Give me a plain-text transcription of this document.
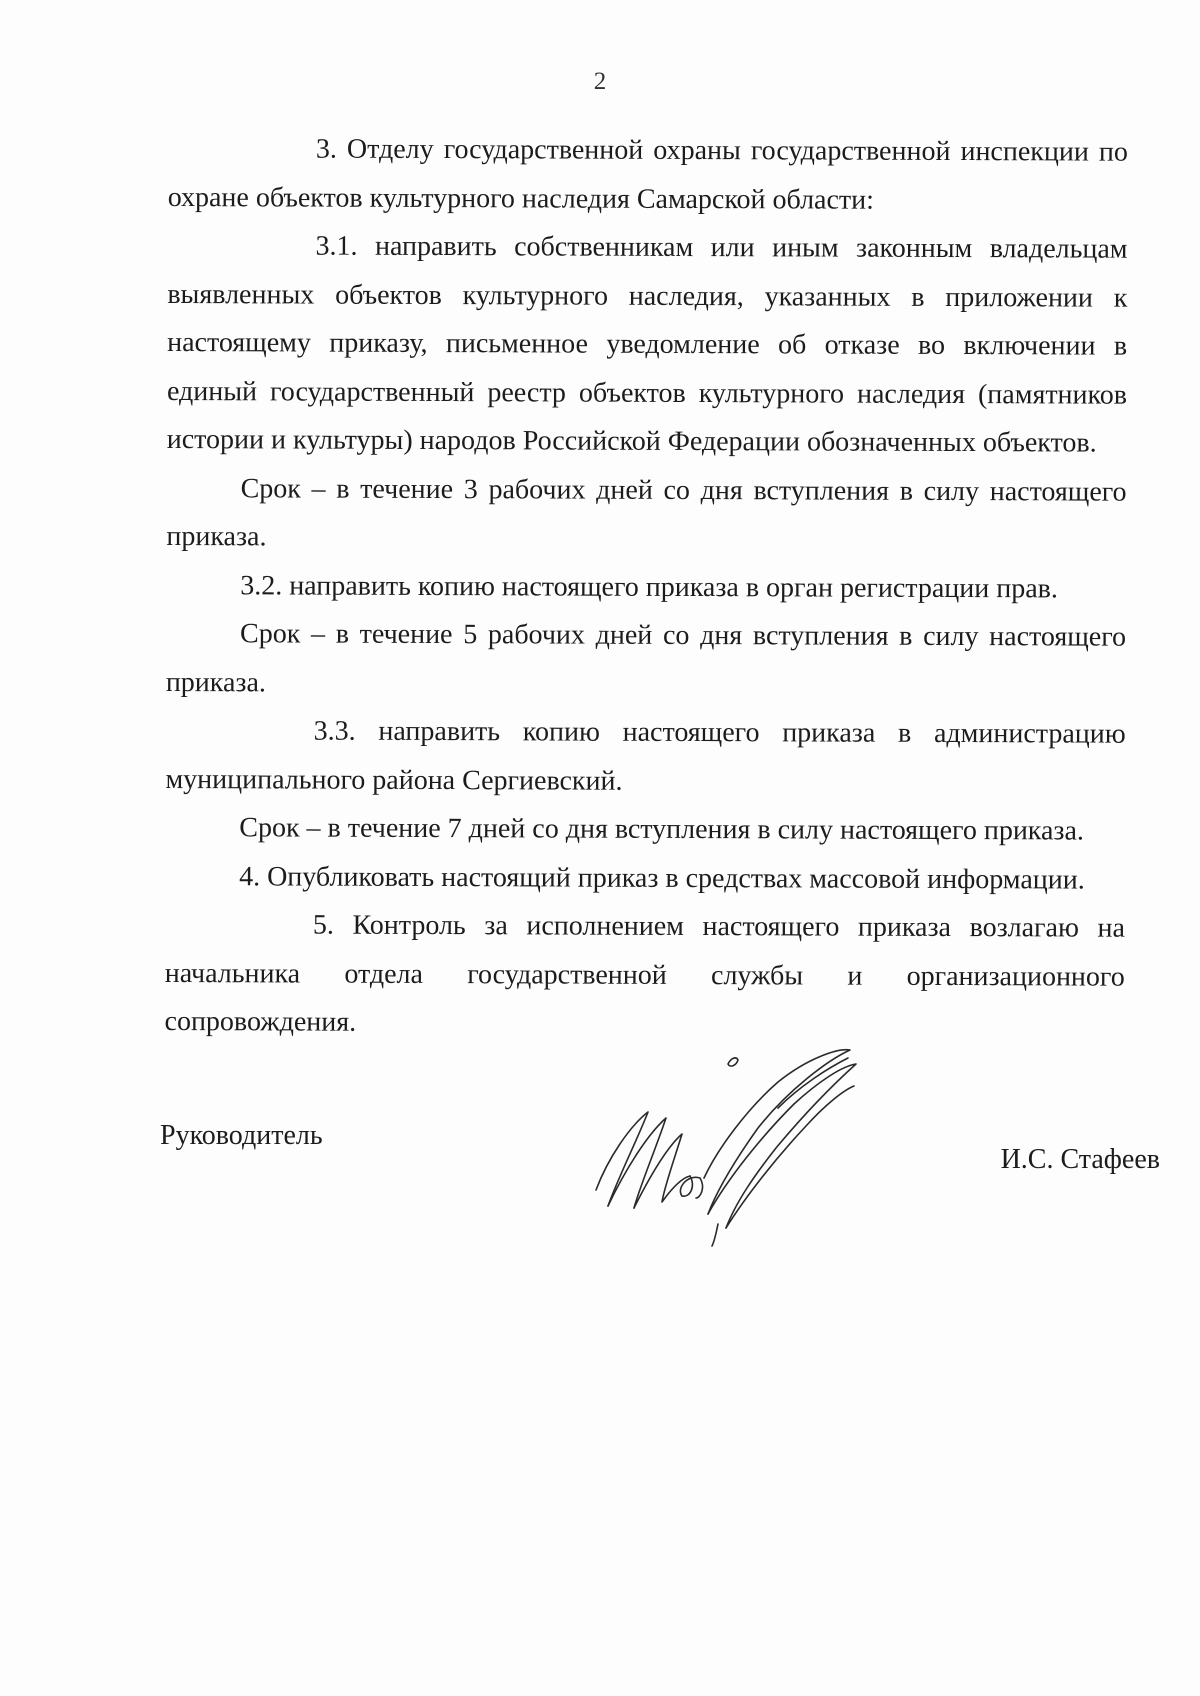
2

3. Отделу государственной охраны государственной инспекции по охране объектов культурного наследия Самарской области:

3.1. направить собственникам или иным законным владельцам выявленных объектов культурного наследия, указанных в приложении к настоящему приказу, письменное уведомление об отказе во включении в единый государственный реестр объектов культурного наследия (памятников истории и культуры) народов Российской Федерации обозначенных объектов.

Срок – в течение 3 рабочих дней со дня вступления в силу настоящего приказа.

3.2. направить копию настоящего приказа в орган регистрации прав.

Срок – в течение 5 рабочих дней со дня вступления в силу настоящего приказа.

3.3. направить копию настоящего приказа в администрацию муниципального района Сергиевский.

Срок – в течение 7 дней со дня вступления в силу настоящего приказа.

4. Опубликовать настоящий приказ в средствах массовой информации.

5. Контроль за исполнением настоящего приказа возлагаю на начальника отдела государственной службы и организационного сопровождения.

Руководитель
И.С. Стафеев
